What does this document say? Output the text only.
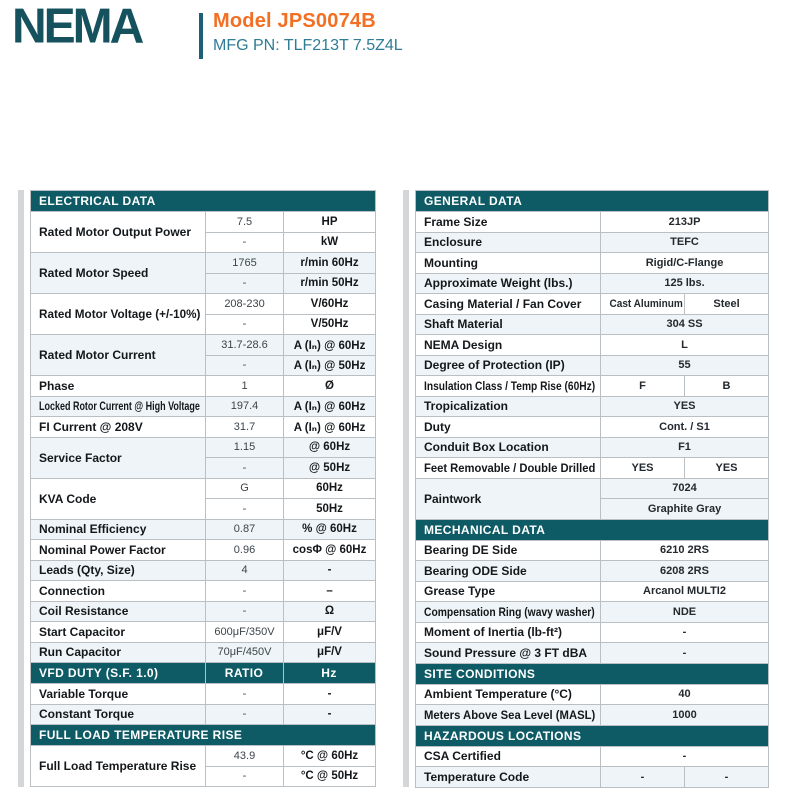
NEMA	Model JPS0074B
MFG PN: TLF213T 7.5Z4L
ELECTRICAL DATA		
Rated Motor Output Power	7.5	HP
	-	kW
Rated Motor Speed	1765	r/min 60Hz
	-	r/min 50Hz
Rated Motor Voltage (+/-10%)	208-230	V/60Hz
	-	V/50Hz
Rated Motor Current	31.7-28.6	A (Iₙ) @ 60Hz
	-	A (Iₙ) @ 50Hz
Phase	1	Ø
Locked Rotor Current @ High Voltage	197.4	A (Iₙ) @ 60Hz
FI Current @ 208V	31.7	A (Iₙ) @ 60Hz
Service Factor	1.15	@ 60Hz
	-	@ 50Hz
KVA Code	G	60Hz
	-	50Hz
Nominal Efficiency	0.87	% @ 60Hz
Nominal Power Factor	0.96	cosΦ @ 60Hz
Leads (Qty, Size)	4	-
Connection	-	–
Coil Resistance	-	Ω
Start Capacitor	600μF/350V	μF/V
Run Capacitor	70μF/450V	μF/V
VFD DUTY (S.F. 1.0)	RATIO	Hz
Variable Torque	-	-
Constant Torque	-	-
FULL LOAD TEMPERATURE RISE		
Full Load Temperature Rise	43.9	°C @ 60Hz
	-	°C @ 50Hz
GENERAL DATA		
Frame Size	213JP	
Enclosure	TEFC	
Mounting	Rigid/C-Flange	
Approximate Weight (lbs.)	125 lbs.	
Casing Material / Fan Cover	Cast Aluminum	Steel
Shaft Material	304 SS	
NEMA Design	L	
Degree of Protection (IP)	55	
Insulation Class / Temp Rise (60Hz)	F	B
Tropicalization	YES	
Duty	Cont. / S1	
Conduit Box Location	F1	
Feet Removable / Double Drilled	YES	YES
Paintwork	7024	
	Graphite Gray	
MECHANICAL DATA		
Bearing DE Side	6210 2RS	
Bearing ODE Side	6208 2RS	
Grease Type	Arcanol MULTI2	
Compensation Ring (wavy washer)	NDE	
Moment of Inertia (lb-ft²)	-	
Sound Pressure @ 3 FT dBA	-	
SITE CONDITIONS		
Ambient Temperature (°C)	40	
Meters Above Sea Level (MASL)	1000	
HAZARDOUS LOCATIONS		
CSA Certified	-	
Temperature Code	-	-
